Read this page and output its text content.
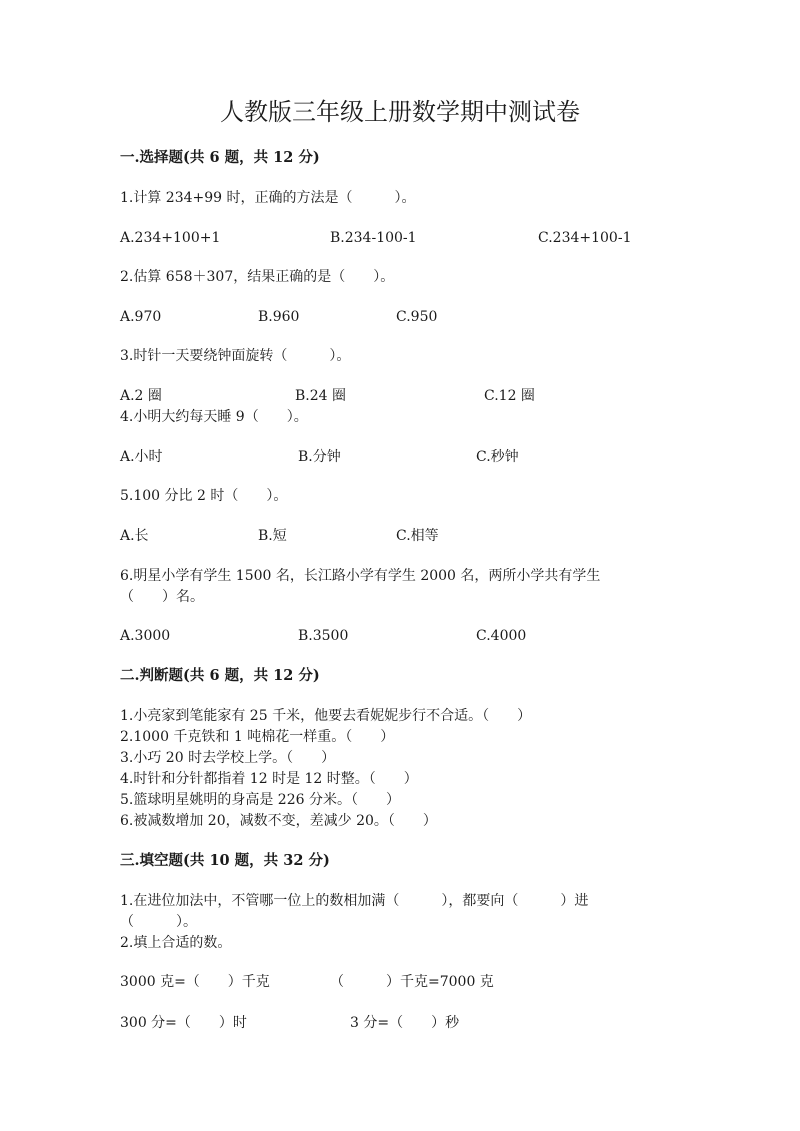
人教版三年级上册数学期中测试卷
一.选择题(共 6 题，共 12 分)
1.计算 234+99 时，正确的方法是（　　　）。
A.234+100+1	B.234-100-1	C.234+100-1
2.估算 658＋307，结果正确的是（　　）。
A.970	B.960	C.950
3.时针一天要绕钟面旋转（　　　）。
A.2 圈	B.24 圈	C.12 圈
4.小明大约每天睡 9（　　）。
A.小时	B.分钟	C.秒钟
5.100 分比 2 时（　　）。
A.长	B.短	C.相等
6.明星小学有学生 1500 名，长江路小学有学生 2000 名，两所小学共有学生
（　　）名。
A.3000	B.3500	C.4000
二.判断题(共 6 题，共 12 分)
1.小亮家到笔能家有 25 千米，他要去看妮妮步行不合适。（　　）
2.1000 千克铁和 1 吨棉花一样重。（　　）
3.小巧 20 时去学校上学。（　　）
4.时针和分针都指着 12 时是 12 时整。（　　）
5.篮球明星姚明的身高是 226 分米。（　　）
6.被减数增加 20，减数不变，差减少 20。（　　）
三.填空题(共 10 题，共 32 分)
1.在进位加法中，不管哪一位上的数相加满（　　　），都要向（　　　）进
（　　　）。
2.填上合适的数。
3000 克=（　　）千克	（　　　）千克=7000 克
300 分=（　　）时	3 分=（　　）秒
